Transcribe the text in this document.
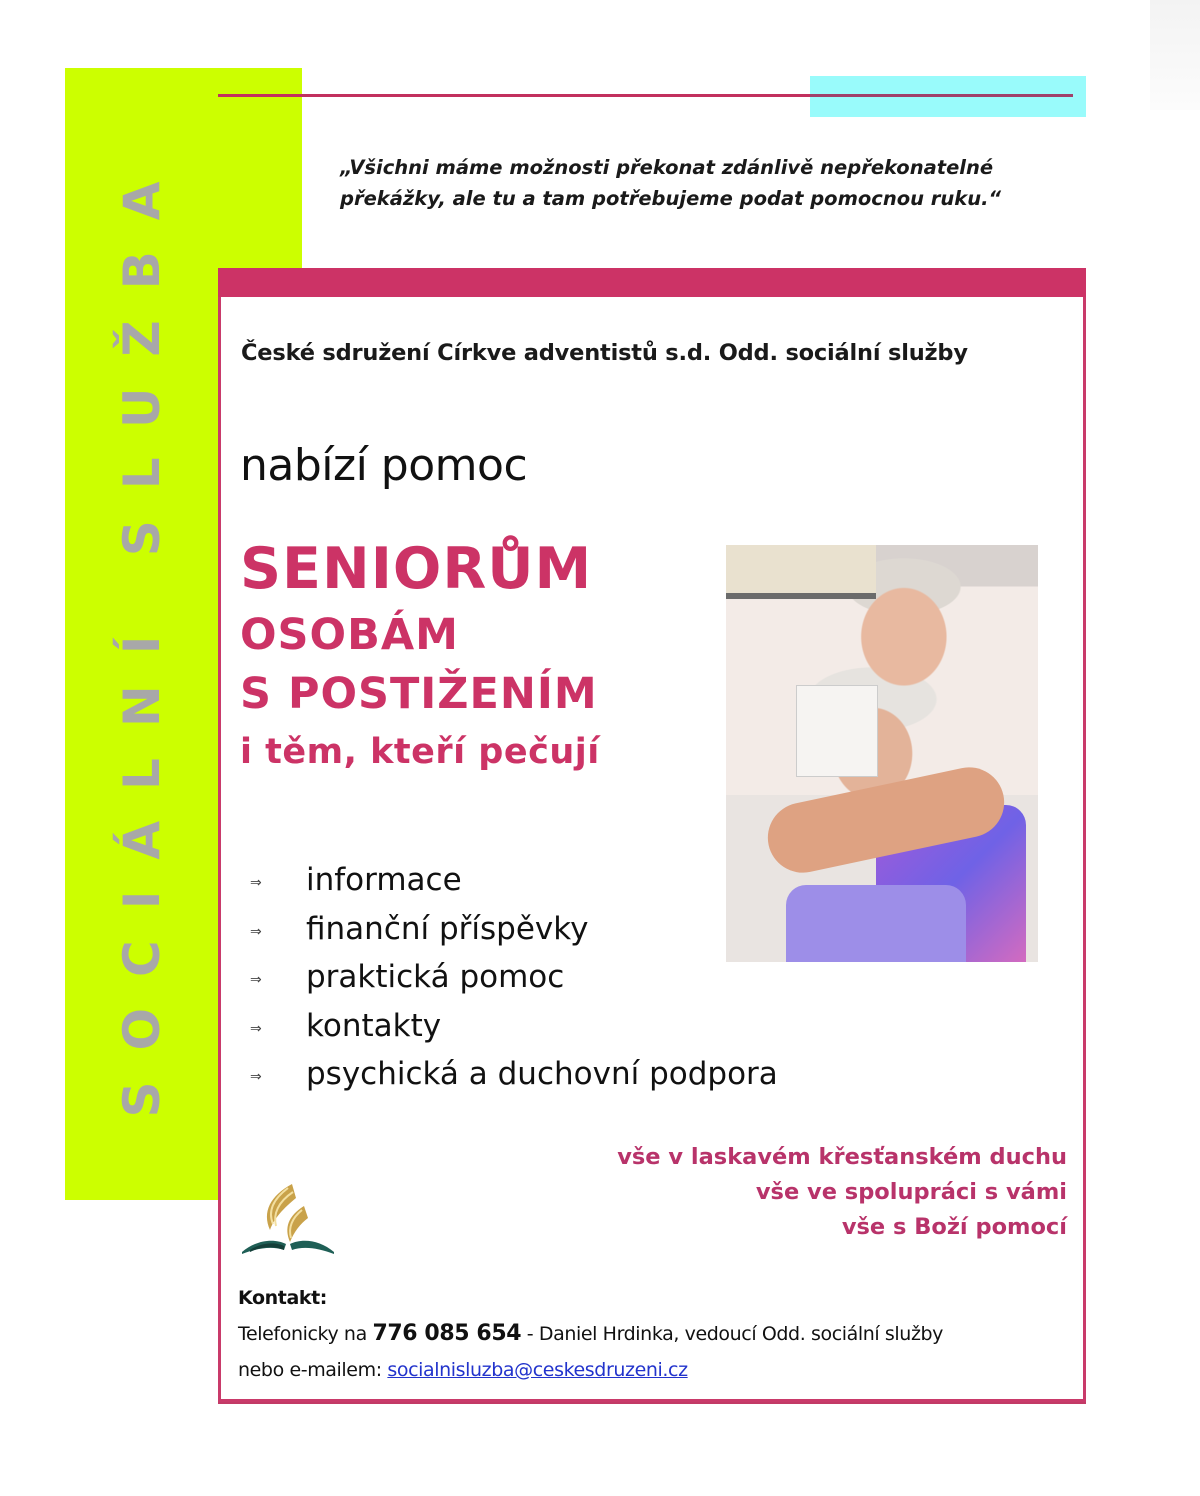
SOCIÁLNÍ SLUŽBA	„Všichni máme možnosti překonat zdánlivě nepřekonatelné
překážky, ale tu a tam potřebujeme podat pomocnou ruku.“
České sdružení Církve adventistů s.d. Odd. sociální služby
nabízí pomoc
SENIORŮM
OSOBÁM
S POSTIŽENÍM
i těm, kteří pečují
⇒	informace
⇒	finanční příspěvky
⇒	praktická pomoc
⇒	kontakty
⇒	psychická a duchovní podpora
vše v laskavém křesťanském duchu
vše ve spolupráci s vámi
vše s Boží pomocí
Kontakt:
Telefonicky na 776 085 654 - Daniel Hrdinka, vedoucí Odd. sociální služby
nebo e-mailem: socialnisluzba@ceskesdruzeni.cz
